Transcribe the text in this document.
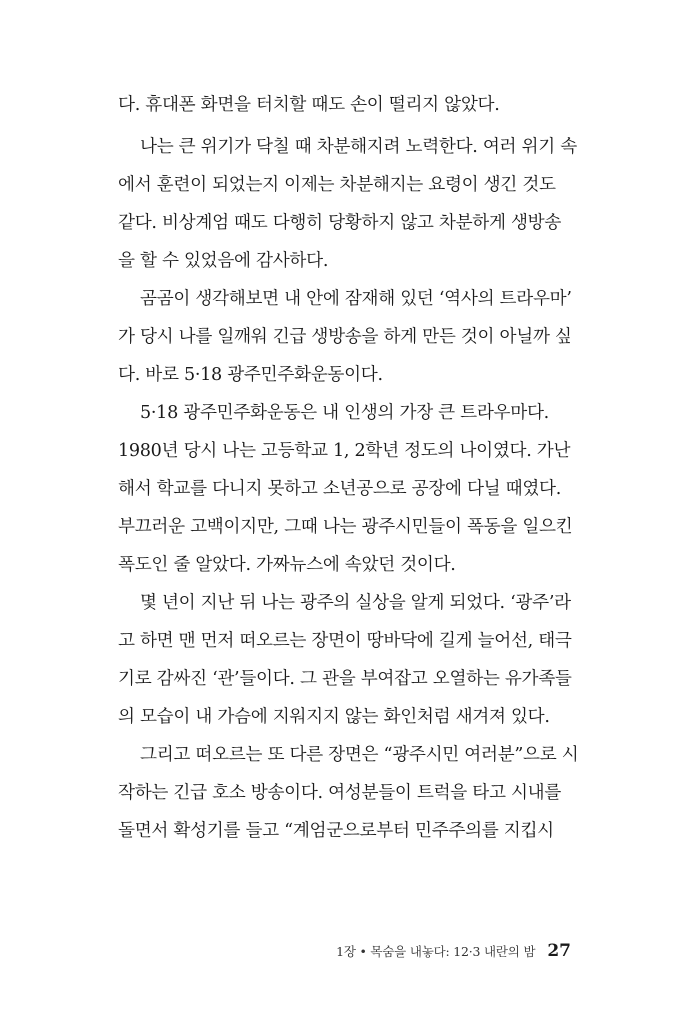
다. 휴대폰 화면을 터치할 때도 손이 떨리지 않았다.
나는 큰 위기가 닥칠 때 차분해지려 노력한다. 여러 위기 속
에서 훈련이 되었는지 이제는 차분해지는 요령이 생긴 것도
같다. 비상계엄 때도 다행히 당황하지 않고 차분하게 생방송
을 할 수 있었음에 감사하다.
곰곰이 생각해보면 내 안에 잠재해 있던 ‘역사의 트라우마’
가 당시 나를 일깨워 긴급 생방송을 하게 만든 것이 아닐까 싶
다. 바로 5·18 광주민주화운동이다.
5·18 광주민주화운동은 내 인생의 가장 큰 트라우마다.
1980년 당시 나는 고등학교 1, 2학년 정도의 나이였다. 가난
해서 학교를 다니지 못하고 소년공으로 공장에 다닐 때였다.
부끄러운 고백이지만, 그때 나는 광주시민들이 폭동을 일으킨
폭도인 줄 알았다. 가짜뉴스에 속았던 것이다.
몇 년이 지난 뒤 나는 광주의 실상을 알게 되었다. ‘광주’라
고 하면 맨 먼저 떠오르는 장면이 땅바닥에 길게 늘어선, 태극
기로 감싸진 ‘관’들이다. 그 관을 부여잡고 오열하는 유가족들
의 모습이 내 가슴에 지워지지 않는 화인처럼 새겨져 있다.
그리고 떠오르는 또 다른 장면은 “광주시민 여러분”으로 시
작하는 긴급 호소 방송이다. 여성분들이 트럭을 타고 시내를
돌면서 확성기를 들고 “계엄군으로부터 민주주의를 지킵시
1장 • 목숨을 내놓다: 12·3 내란의 밤 27
